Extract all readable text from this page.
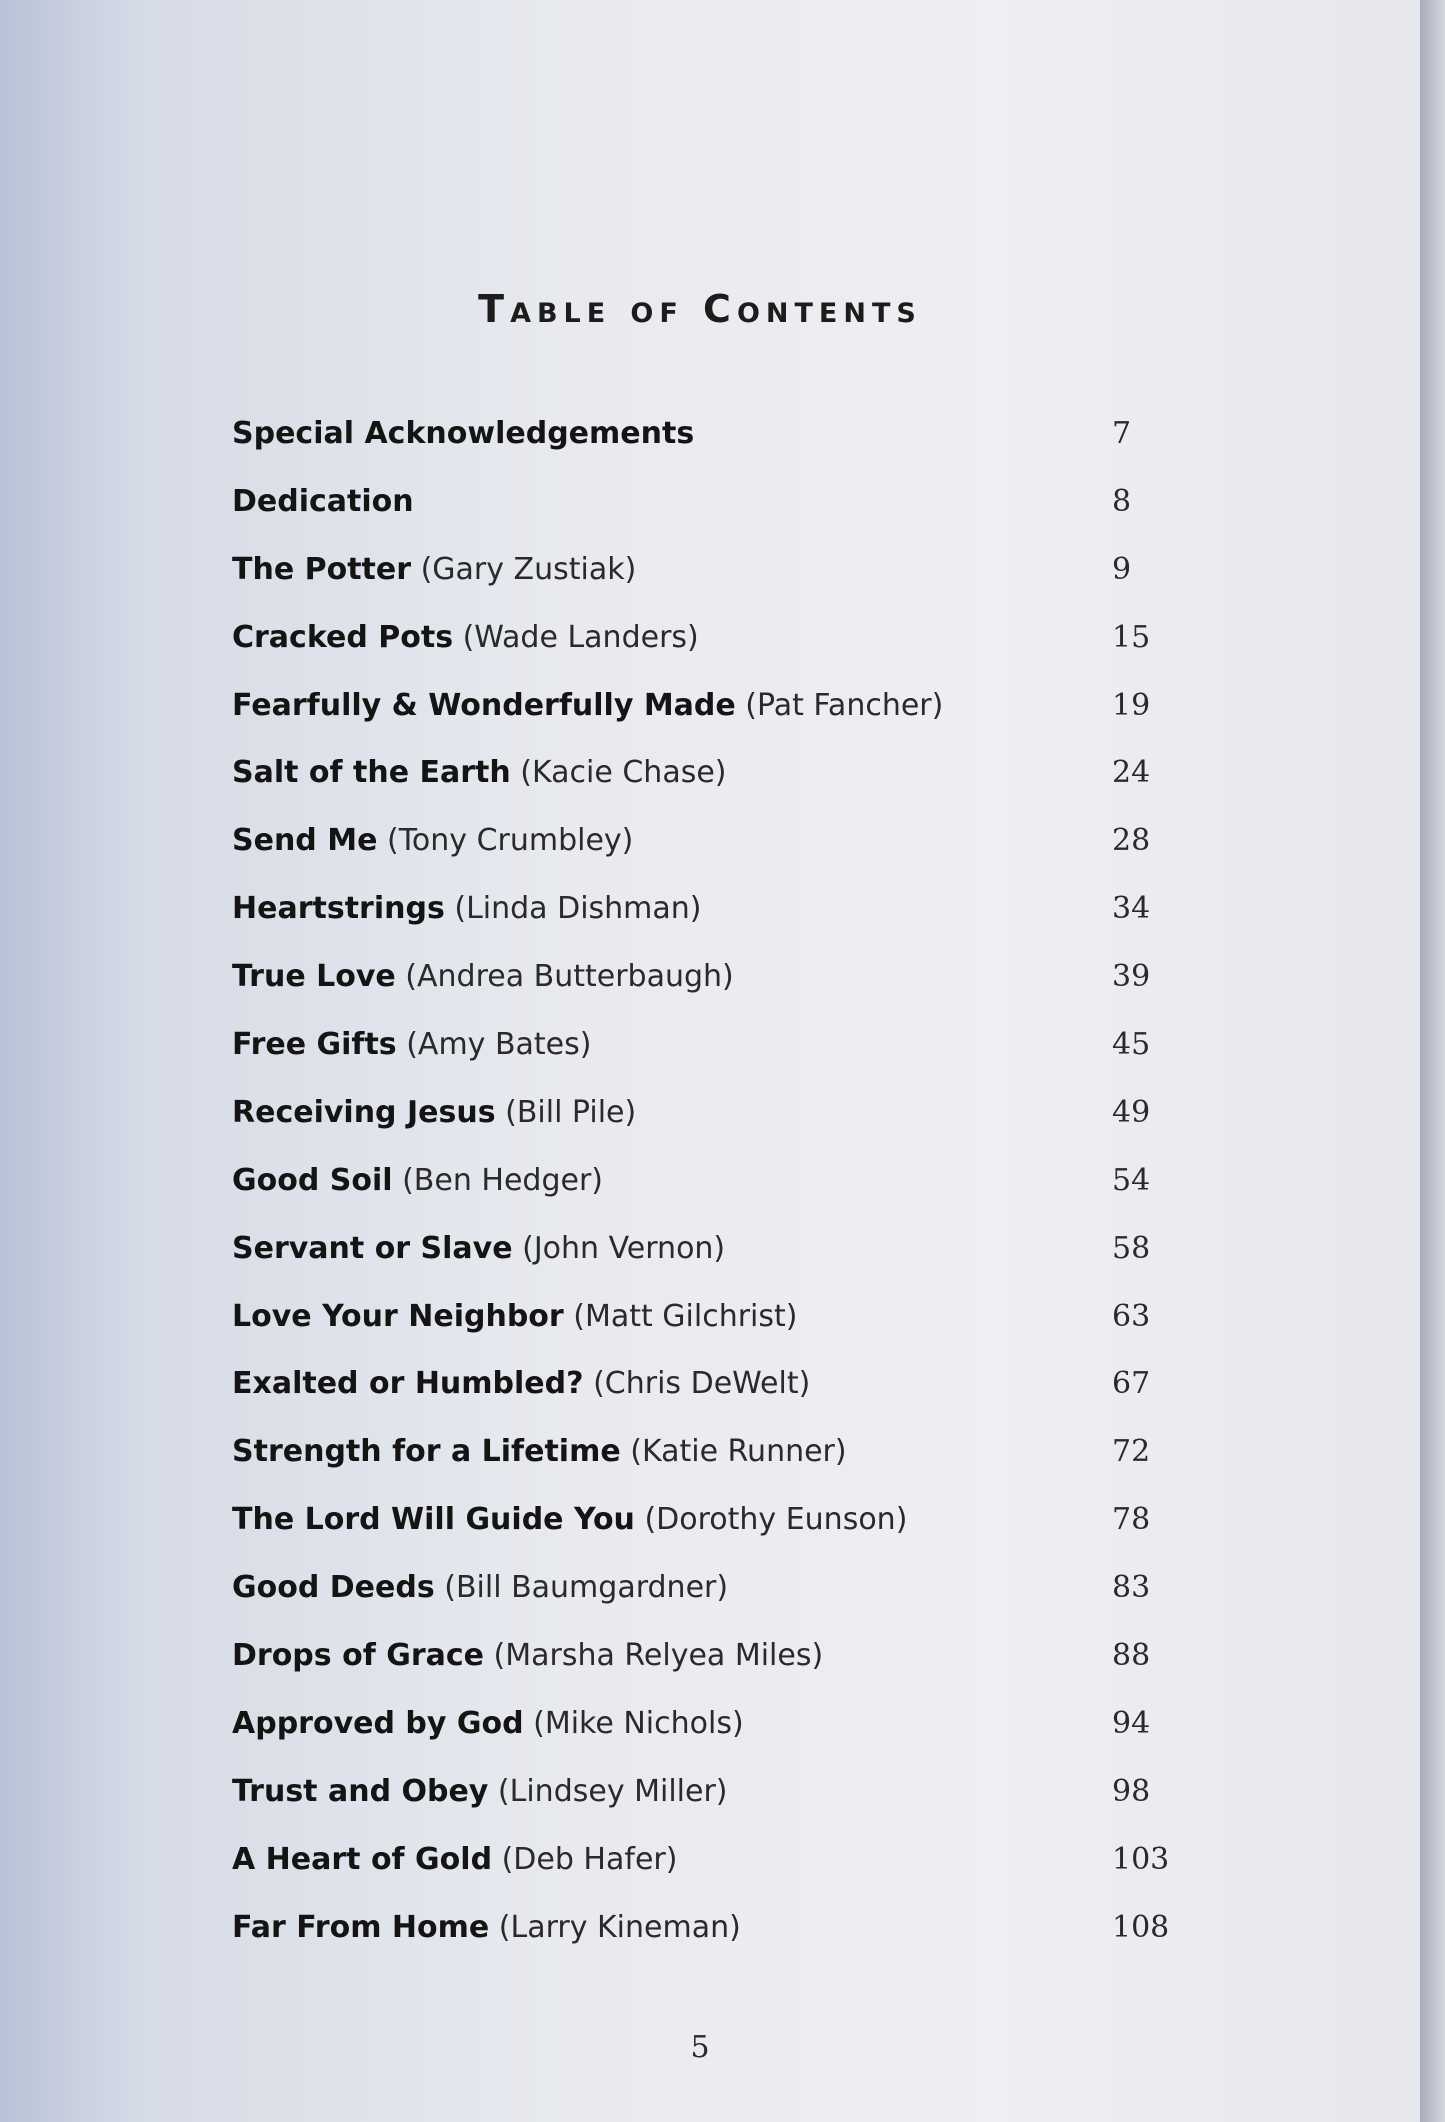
Table of Contents
Special Acknowledgements	7
Dedication	8
The Potter (Gary Zustiak)	9
Cracked Pots (Wade Landers)	15
Fearfully & Wonderfully Made (Pat Fancher)	19
Salt of the Earth (Kacie Chase)	24
Send Me (Tony Crumbley)	28
Heartstrings (Linda Dishman)	34
True Love (Andrea Butterbaugh)	39
Free Gifts (Amy Bates)	45
Receiving Jesus (Bill Pile)	49
Good Soil (Ben Hedger)	54
Servant or Slave (John Vernon)	58
Love Your Neighbor (Matt Gilchrist)	63
Exalted or Humbled? (Chris DeWelt)	67
Strength for a Lifetime (Katie Runner)	72
The Lord Will Guide You (Dorothy Eunson)	78
Good Deeds (Bill Baumgardner)	83
Drops of Grace (Marsha Relyea Miles)	88
Approved by God (Mike Nichols)	94
Trust and Obey (Lindsey Miller)	98
A Heart of Gold (Deb Hafer)	103
Far From Home (Larry Kineman)	108
5
